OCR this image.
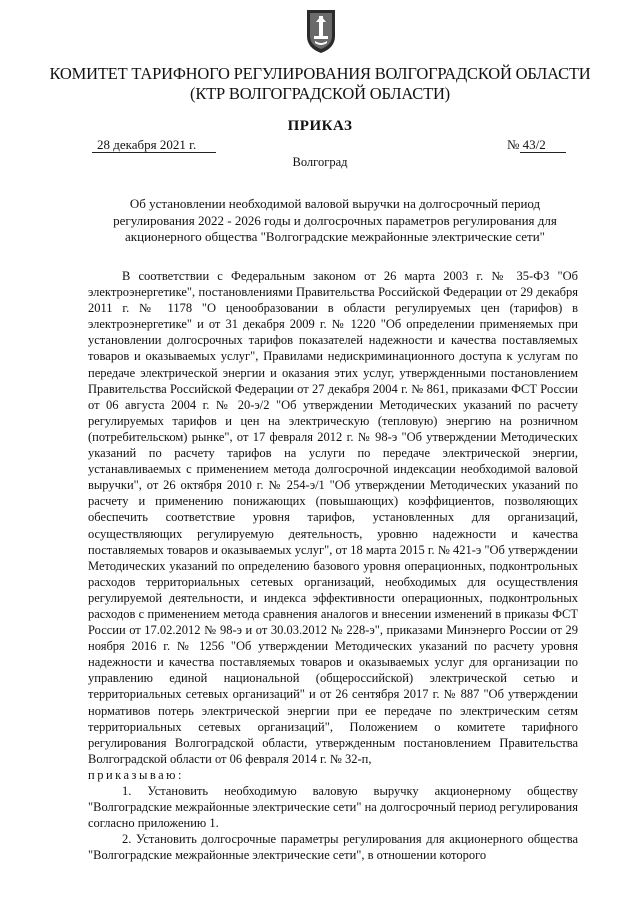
КОМИТЕТ ТАРИФНОГО РЕГУЛИРОВАНИЯ ВОЛГОГРАДСКОЙ ОБЛАСТИ
(КТР ВОЛГОГРАДСКОЙ ОБЛАСТИ)
ПРИКАЗ
28 декабря 2021 г.	№ 43/2
Волгоград
Об установлении необходимой валовой выручки на долгосрочный период регулирования 2022 - 2026 годы и долгосрочных параметров регулирования для акционерного общества "Волгоградские межрайонные электрические сети"

В соответствии с Федеральным законом от 26 марта 2003 г. № 35-ФЗ "Об электроэнергетике", постановлениями Правительства Российской Федерации от 29 декабря 2011 г. № 1178 "О ценообразовании в области регулируемых цен (тарифов) в электроэнергетике" и от 31 декабря 2009 г. № 1220 "Об определении применяемых при установлении долгосрочных тарифов показателей надежности и качества поставляемых товаров и оказываемых услуг", Правилами недискриминационного доступа к услугам по передаче электрической энергии и оказания этих услуг, утвержденными постановлением Правительства Российской Федерации от 27 декабря 2004 г. № 861, приказами ФСТ России от 06 августа 2004 г. № 20-э/2 "Об утверждении Методических указаний по расчету регулируемых тарифов и цен на электрическую (тепловую) энергию на розничном (потребительском) рынке", от 17 февраля 2012 г. № 98-э "Об утверждении Методических указаний по расчету тарифов на услуги по передаче электрической энергии, устанавливаемых с применением метода долгосрочной индексации необходимой валовой выручки", от 26 октября 2010 г. № 254-э/1 "Об утверждении Методических указаний по расчету и применению понижающих (повышающих) коэффициентов, позволяющих обеспечить соответствие уровня тарифов, установленных для организаций, осуществляющих регулируемую деятельность, уровню надежности и качества поставляемых товаров и оказываемых услуг", от 18 марта 2015 г. № 421-э "Об утверждении Методических указаний по определению базового уровня операционных, подконтрольных расходов территориальных сетевых организаций, необходимых для осуществления регулируемой деятельности, и индекса эффективности операционных, подконтрольных расходов с применением метода сравнения аналогов и внесении изменений в приказы ФСТ России от 17.02.2012 № 98-э и от 30.03.2012 № 228-э", приказами Минэнерго России от 29 ноября 2016 г. № 1256 "Об утверждении Методических указаний по расчету уровня надежности и качества поставляемых товаров и оказываемых услуг для организации по управлению единой национальной (общероссийской) электрической сетью и территориальных сетевых организаций" и от 26 сентября 2017 г. № 887 "Об утверждении нормативов потерь электрической энергии при ее передаче по электрическим сетям территориальных сетевых организаций", Положением о комитете тарифного регулирования Волгоградской области, утвержденным постановлением Правительства Волгоградской области от 06 февраля 2014 г. № 32-п,

приказываю:

1. Установить необходимую валовую выручку акционерному обществу "Волгоградские межрайонные электрические сети" на долгосрочный период регулирования согласно приложению 1.

2. Установить долгосрочные параметры регулирования для акционерного общества "Волгоградские межрайонные электрические сети", в отношении которого
